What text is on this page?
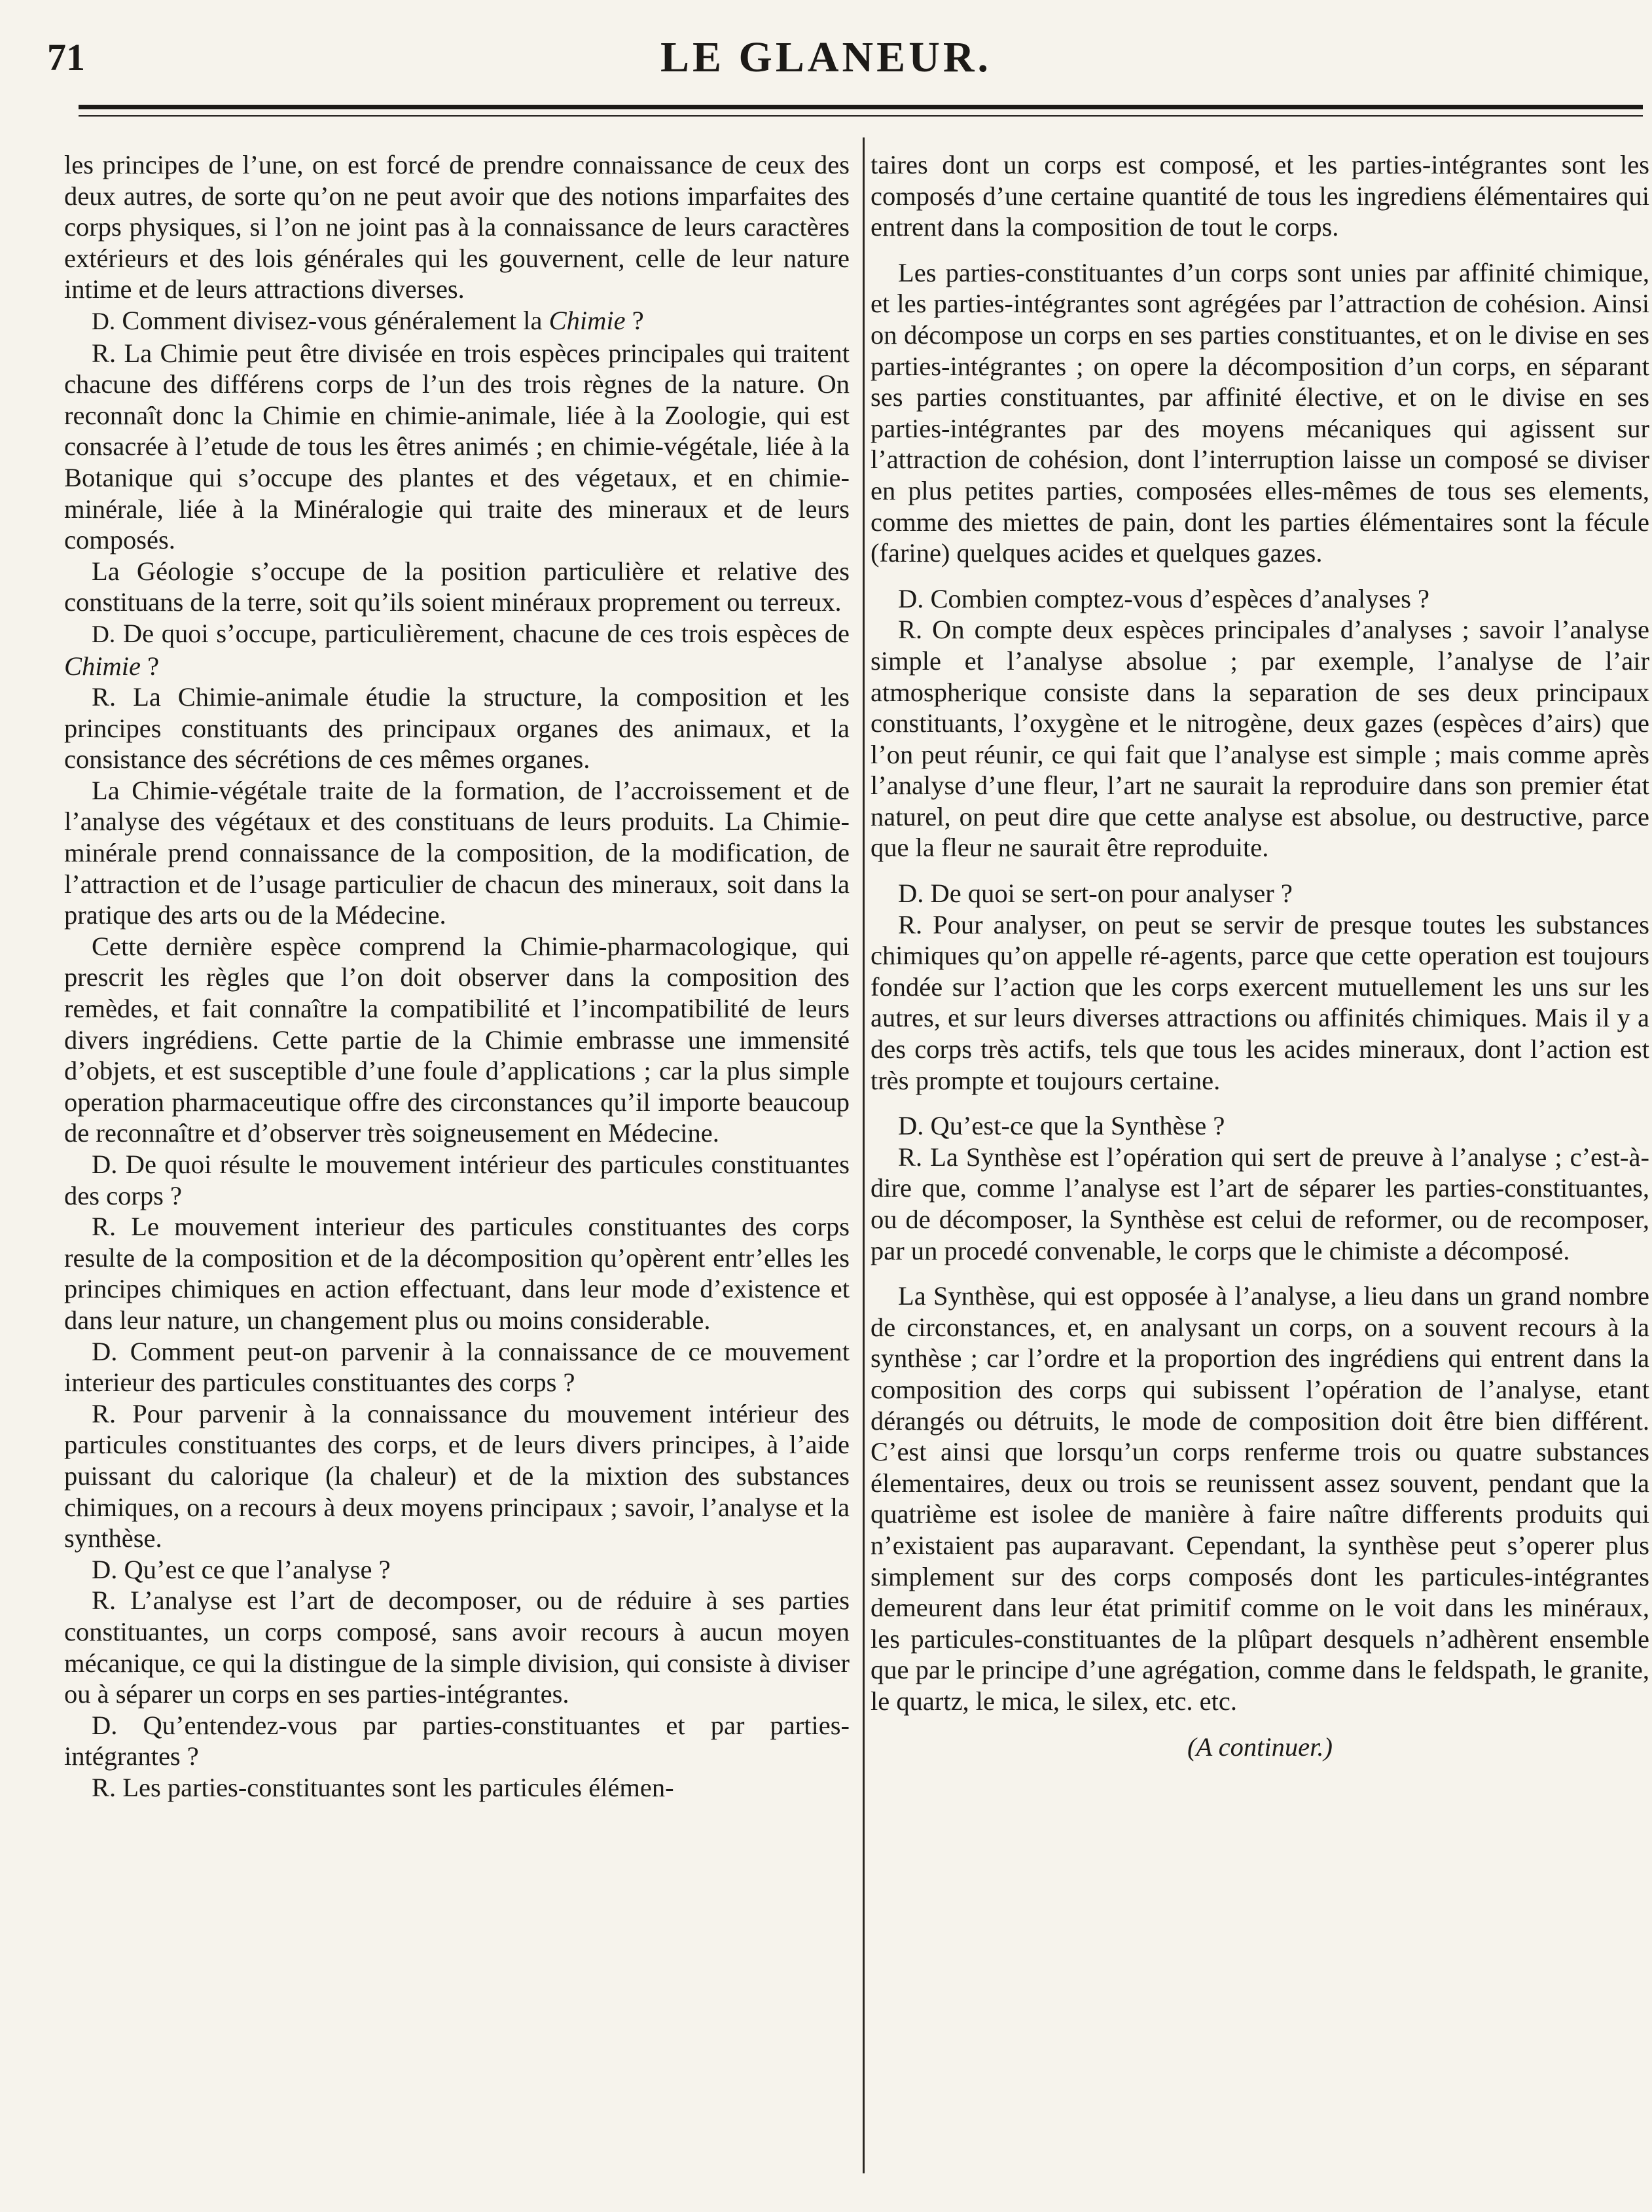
71	LE GLANEUR.

les principes de l’une, on est forcé de prendre connaissance de ceux des deux autres, de sorte qu’on ne peut avoir que des notions imparfaites des corps physiques, si l’on ne joint pas à la connaissance de leurs caractères extérieurs et des lois générales qui les gouvernent, celle de leur nature intime et de leurs attractions diverses.

D. Comment divisez-vous généralement la Chimie ?

R. La Chimie peut être divisée en trois espèces principales qui traitent chacune des différens corps de l’un des trois règnes de la nature. On reconnaît donc la Chimie en chimie-animale, liée à la Zoologie, qui est consacrée à l’etude de tous les êtres animés ; en chimie-végétale, liée à la Botanique qui s’occupe des plantes et des végetaux, et en chimie-minérale, liée à la Minéralogie qui traite des mineraux et de leurs composés.

La Géologie s’occupe de la position particulière et relative des constituans de la terre, soit qu’ils soient minéraux proprement ou terreux.

D. De quoi s’occupe, particulièrement, chacune de ces trois espèces de Chimie ?

R. La Chimie-animale étudie la structure, la composition et les principes constituants des principaux organes des animaux, et la consistance des sécrétions de ces mêmes organes.

La Chimie-végétale traite de la formation, de l’accroissement et de l’analyse des végétaux et des constituans de leurs produits. La Chimie-minérale prend connaissance de la composition, de la modification, de l’attraction et de l’usage particulier de chacun des mineraux, soit dans la pratique des arts ou de la Médecine.

Cette dernière espèce comprend la Chimie-pharmacologique, qui prescrit les règles que l’on doit observer dans la composition des remèdes, et fait connaître la compatibilité et l’incompatibilité de leurs divers ingrédiens. Cette partie de la Chimie embrasse une immensité d’objets, et est susceptible d’une foule d’applications ; car la plus simple operation pharmaceutique offre des circonstances qu’il importe beaucoup de reconnaître et d’observer très soigneusement en Médecine.

D. De quoi résulte le mouvement intérieur des particules constituantes des corps ?

R. Le mouvement interieur des particules constituantes des corps resulte de la composition et de la décomposition qu’opèrent entr’elles les principes chimiques en action effectuant, dans leur mode d’existence et dans leur nature, un changement plus ou moins considerable.

D. Comment peut-on parvenir à la connaissance de ce mouvement interieur des particules constituantes des corps ?

R. Pour parvenir à la connaissance du mouvement intérieur des particules constituantes des corps, et de leurs divers principes, à l’aide puissant du calorique (la chaleur) et de la mixtion des substances chimiques, on a recours à deux moyens principaux ; savoir, l’analyse et la synthèse.

D. Qu’est ce que l’analyse ?

R. L’analyse est l’art de decomposer, ou de réduire à ses parties constituantes, un corps composé, sans avoir recours à aucun moyen mécanique, ce qui la distingue de la simple division, qui consiste à diviser ou à séparer un corps en ses parties-intégrantes.

D. Qu’entendez-vous par parties-constituantes et par parties-intégrantes ?

R. Les parties-constituantes sont les particules élémen-

taires dont un corps est composé, et les parties-intégrantes sont les composés d’une certaine quantité de tous les ingrediens élémentaires qui entrent dans la composition de tout le corps.

Les parties-constituantes d’un corps sont unies par affinité chimique, et les parties-intégrantes sont agrégées par l’attraction de cohésion. Ainsi on décompose un corps en ses parties constituantes, et on le divise en ses parties-intégrantes ; on opere la décomposition d’un corps, en séparant ses parties constituantes, par affinité élective, et on le divise en ses parties-intégrantes par des moyens mécaniques qui agissent sur l’attraction de cohésion, dont l’interruption laisse un composé se diviser en plus petites parties, composées elles-mêmes de tous ses elements, comme des miettes de pain, dont les parties élémentaires sont la fécule (farine) quelques acides et quelques gazes.

D. Combien comptez-vous d’espèces d’analyses ?

R. On compte deux espèces principales d’analyses ; savoir l’analyse simple et l’analyse absolue ; par exemple, l’analyse de l’air atmospherique consiste dans la separation de ses deux principaux constituants, l’oxygène et le nitrogène, deux gazes (espèces d’airs) que l’on peut réunir, ce qui fait que l’analyse est simple ; mais comme après l’analyse d’une fleur, l’art ne saurait la reproduire dans son premier état naturel, on peut dire que cette analyse est absolue, ou destructive, parce que la fleur ne saurait être reproduite.

D. De quoi se sert-on pour analyser ?

R. Pour analyser, on peut se servir de presque toutes les substances chimiques qu’on appelle ré-agents, parce que cette operation est toujours fondée sur l’action que les corps exercent mutuellement les uns sur les autres, et sur leurs diverses attractions ou affinités chimiques. Mais il y a des corps très actifs, tels que tous les acides mineraux, dont l’action est très prompte et toujours certaine.

D. Qu’est-ce que la Synthèse ?

R. La Synthèse est l’opération qui sert de preuve à l’analyse ; c’est-à-dire que, comme l’analyse est l’art de séparer les parties-constituantes, ou de décomposer, la Synthèse est celui de reformer, ou de recomposer, par un procedé convenable, le corps que le chimiste a décomposé.

La Synthèse, qui est opposée à l’analyse, a lieu dans un grand nombre de circonstances, et, en analysant un corps, on a souvent recours à la synthèse ; car l’ordre et la proportion des ingrédiens qui entrent dans la composition des corps qui subissent l’opération de l’analyse, etant dérangés ou détruits, le mode de composition doit être bien différent. C’est ainsi que lorsqu’un corps renferme trois ou quatre substances élementaires, deux ou trois se reunissent assez souvent, pendant que la quatrième est isolee de manière à faire naître differents produits qui n’existaient pas auparavant. Cependant, la synthèse peut s’operer plus simplement sur des corps composés dont les particules-intégrantes demeurent dans leur état primitif comme on le voit dans les minéraux, les particules-constituantes de la plûpart desquels n’adhèrent ensemble que par le principe d’une agrégation, comme dans le feldspath, le granite, le quartz, le mica, le silex, etc. etc.

(A continuer.)
